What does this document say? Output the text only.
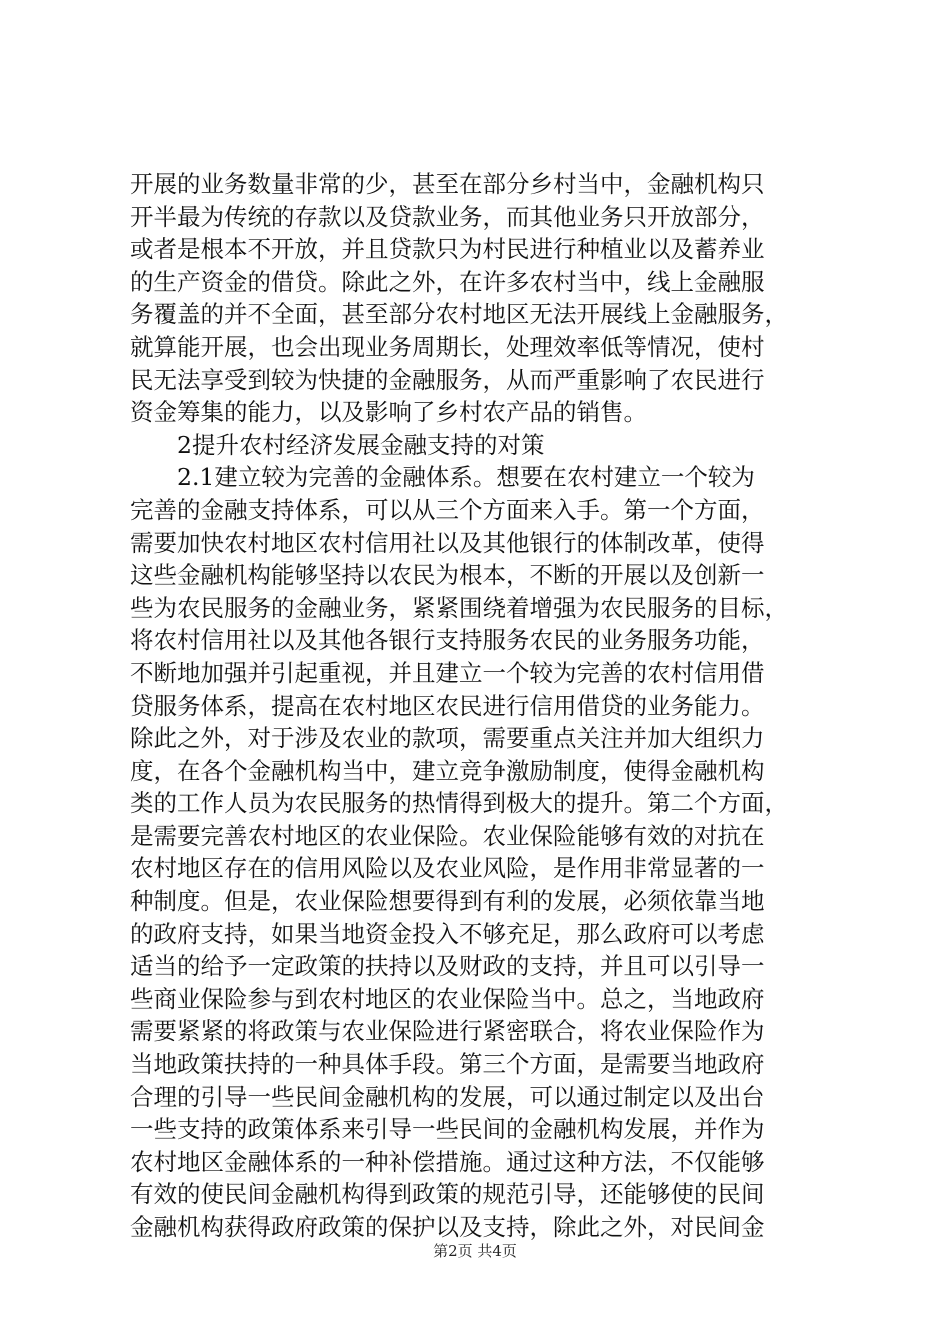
开展的业务数量非常的少，甚至在部分乡村当中，金融机构只
开半最为传统的存款以及贷款业务，而其他业务只开放部分，
或者是根本不开放，并且贷款只为村民进行种植业以及蓄养业
的生产资金的借贷。除此之外，在许多农村当中，线上金融服
务覆盖的并不全面，甚至部分农村地区无法开展线上金融服务，
就算能开展，也会出现业务周期长，处理效率低等情况，使村
民无法享受到较为快捷的金融服务，从而严重影响了农民进行
资金筹集的能力，以及影响了乡村农产品的销售。
2提升农村经济发展金融支持的对策
2.1建立较为完善的金融体系。想要在农村建立一个较为
完善的金融支持体系，可以从三个方面来入手。第一个方面，
需要加快农村地区农村信用社以及其他银行的体制改革，使得
这些金融机构能够坚持以农民为根本，不断的开展以及创新一
些为农民服务的金融业务，紧紧围绕着增强为农民服务的目标，
将农村信用社以及其他各银行支持服务农民的业务服务功能，
不断地加强并引起重视，并且建立一个较为完善的农村信用借
贷服务体系，提高在农村地区农民进行信用借贷的业务能力。
除此之外，对于涉及农业的款项，需要重点关注并加大组织力
度，在各个金融机构当中，建立竞争激励制度，使得金融机构
类的工作人员为农民服务的热情得到极大的提升。第二个方面，
是需要完善农村地区的农业保险。农业保险能够有效的对抗在
农村地区存在的信用风险以及农业风险，是作用非常显著的一
种制度。但是，农业保险想要得到有利的发展，必须依靠当地
的政府支持，如果当地资金投入不够充足，那么政府可以考虑
适当的给予一定政策的扶持以及财政的支持，并且可以引导一
些商业保险参与到农村地区的农业保险当中。总之，当地政府
需要紧紧的将政策与农业保险进行紧密联合，将农业保险作为
当地政策扶持的一种具体手段。第三个方面，是需要当地政府
合理的引导一些民间金融机构的发展，可以通过制定以及出台
一些支持的政策体系来引导一些民间的金融机构发展，并作为
农村地区金融体系的一种补偿措施。通过这种方法，不仅能够
有效的使民间金融机构得到政策的规范引导，还能够使的民间
金融机构获得政府政策的保护以及支持，除此之外，对民间金
第2页 共4页
